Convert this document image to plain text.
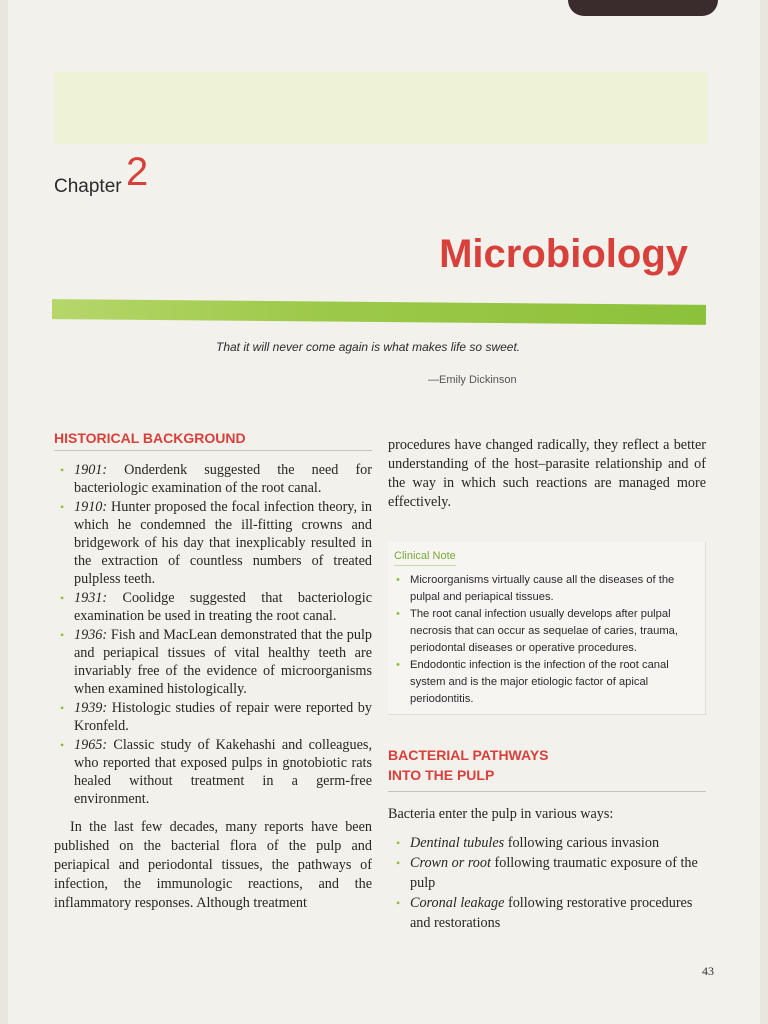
Chapter 2
Microbiology
That it will never come again is what makes life so sweet.
—Emily Dickinson
HISTORICAL BACKGROUND
• 1901: Onderdenk suggested the need for bacteriologic examination of the root canal.
• 1910: Hunter proposed the focal infection theory, in which he condemned the ill-fitting crowns and bridgework of his day that inexplicably resulted in the extraction of countless numbers of treated pulpless teeth.
• 1931: Coolidge suggested that bacteriologic examination be used in treating the root canal.
• 1936: Fish and MacLean demonstrated that the pulp and periapical tissues of vital healthy teeth are invariably free of the evidence of microorganisms when examined histologically.
• 1939: Histologic studies of repair were reported by Kronfeld.
• 1965: Classic study of Kakehashi and colleagues, who reported that exposed pulps in gnotobiotic rats healed without treatment in a germ-free environment.

In the last few decades, many reports have been published on the bacterial flora of the pulp and periapical and periodontal tissues, the pathways of infection, the immunologic reactions, and the inflammatory responses. Although treatment

procedures have changed radically, they reflect a better understanding of the host–parasite relationship and of the way in which such reactions are managed more effectively.

Clinical Note
• Microorganisms virtually cause all the diseases of the pulpal and periapical tissues.
• The root canal infection usually develops after pulpal necrosis that can occur as sequelae of caries, trauma, periodontal diseases or operative procedures.
• Endodontic infection is the infection of the root canal system and is the major etiologic factor of apical periodontitis.
BACTERIAL PATHWAYS
INTO THE PULP

Bacteria enter the pulp in various ways:

• Dentinal tubules following carious invasion
• Crown or root following traumatic exposure of the pulp
• Coronal leakage following restorative procedures and restorations
43
